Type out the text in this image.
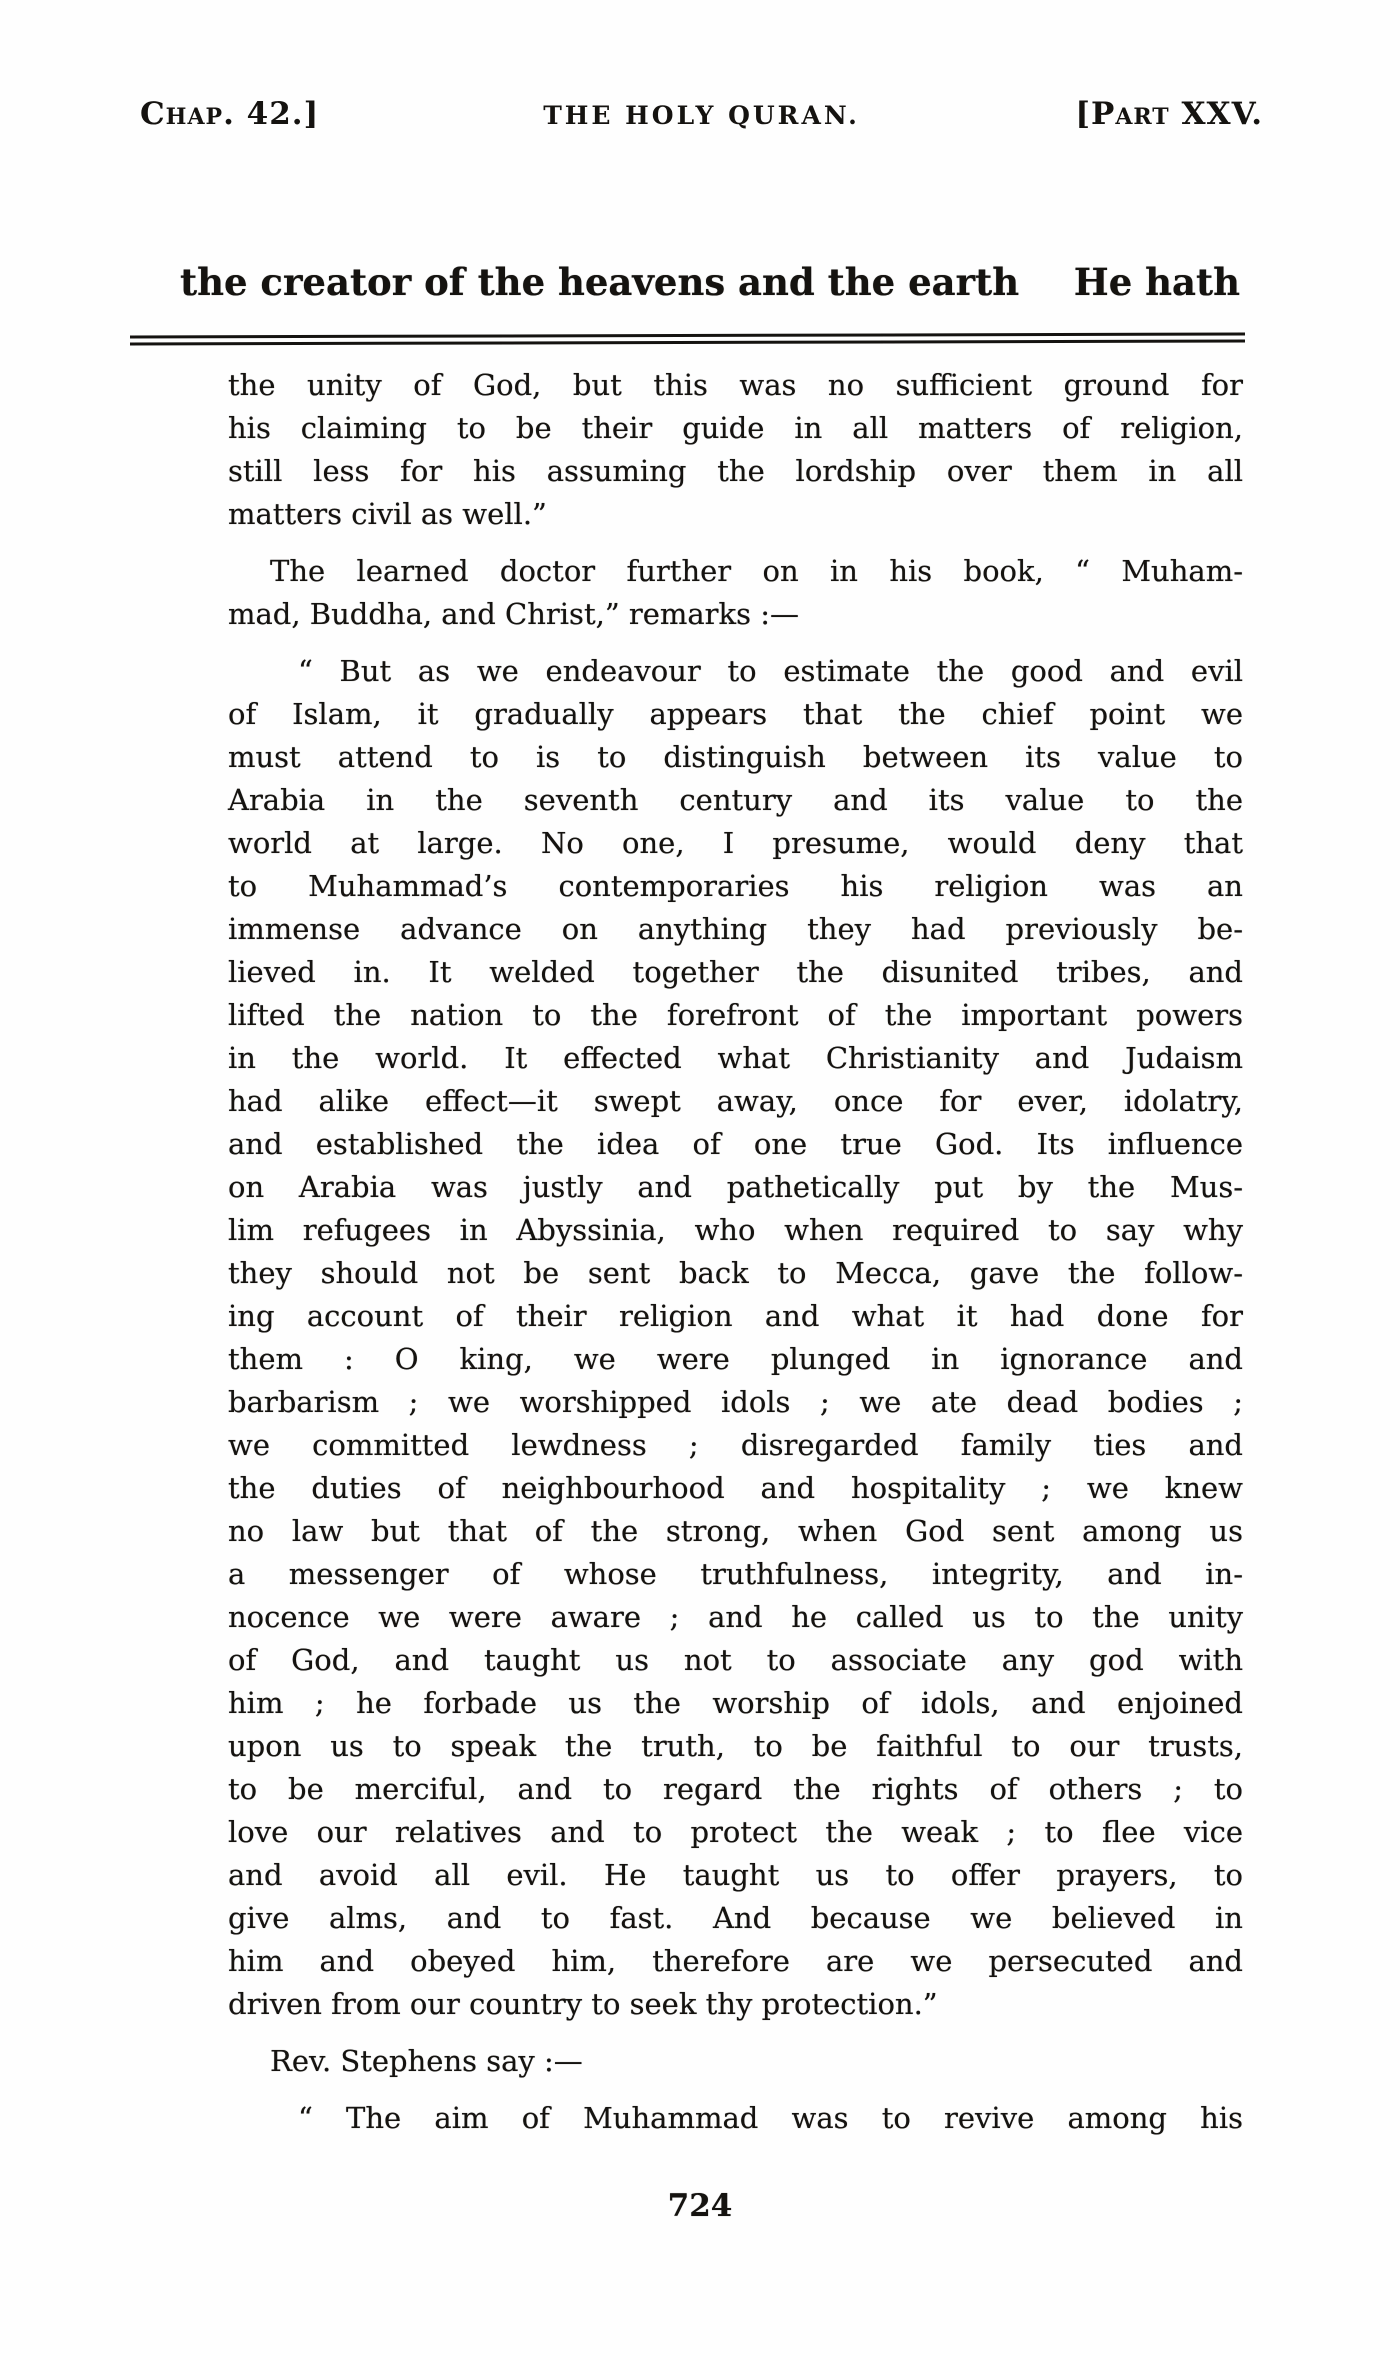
Chap. 42.]	THE HOLY QURAN.	[Part XXV.
the creator of the heavens and the earth He hath
the unity of God, but this was no sufficient ground for
his claiming to be their guide in all matters of religion,
still less for his assuming the lordship over them in all
matters civil as well.”
The learned doctor further on in his book, “ Muham-
mad, Buddha, and Christ,” remarks :—
“ But as we endeavour to estimate the good and evil
of Islam, it gradually appears that the chief point we
must attend to is to distinguish between its value to
Arabia in the seventh century and its value to the
world at large. No one, I presume, would deny that
to Muhammad’s contemporaries his religion was an
immense advance on anything they had previously be-
lieved in. It welded together the disunited tribes, and
lifted the nation to the forefront of the important powers
in the world. It effected what Christianity and Judaism
had alike effect—it swept away, once for ever, idolatry,
and established the idea of one true God. Its influence
on Arabia was justly and pathetically put by the Mus-
lim refugees in Abyssinia, who when required to say why
they should not be sent back to Mecca, gave the follow-
ing account of their religion and what it had done for
them : O king, we were plunged in ignorance and
barbarism ; we worshipped idols ; we ate dead bodies ;
we committed lewdness ; disregarded family ties and
the duties of neighbourhood and hospitality ; we knew
no law but that of the strong, when God sent among us
a messenger of whose truthfulness, integrity, and in-
nocence we were aware ; and he called us to the unity
of God, and taught us not to associate any god with
him ; he forbade us the worship of idols, and enjoined
upon us to speak the truth, to be faithful to our trusts,
to be merciful, and to regard the rights of others ; to
love our relatives and to protect the weak ; to flee vice
and avoid all evil. He taught us to offer prayers, to
give alms, and to fast. And because we believed in
him and obeyed him, therefore are we persecuted and
driven from our country to seek thy protection.”
Rev. Stephens say :—
“ The aim of Muhammad was to revive among his
724
